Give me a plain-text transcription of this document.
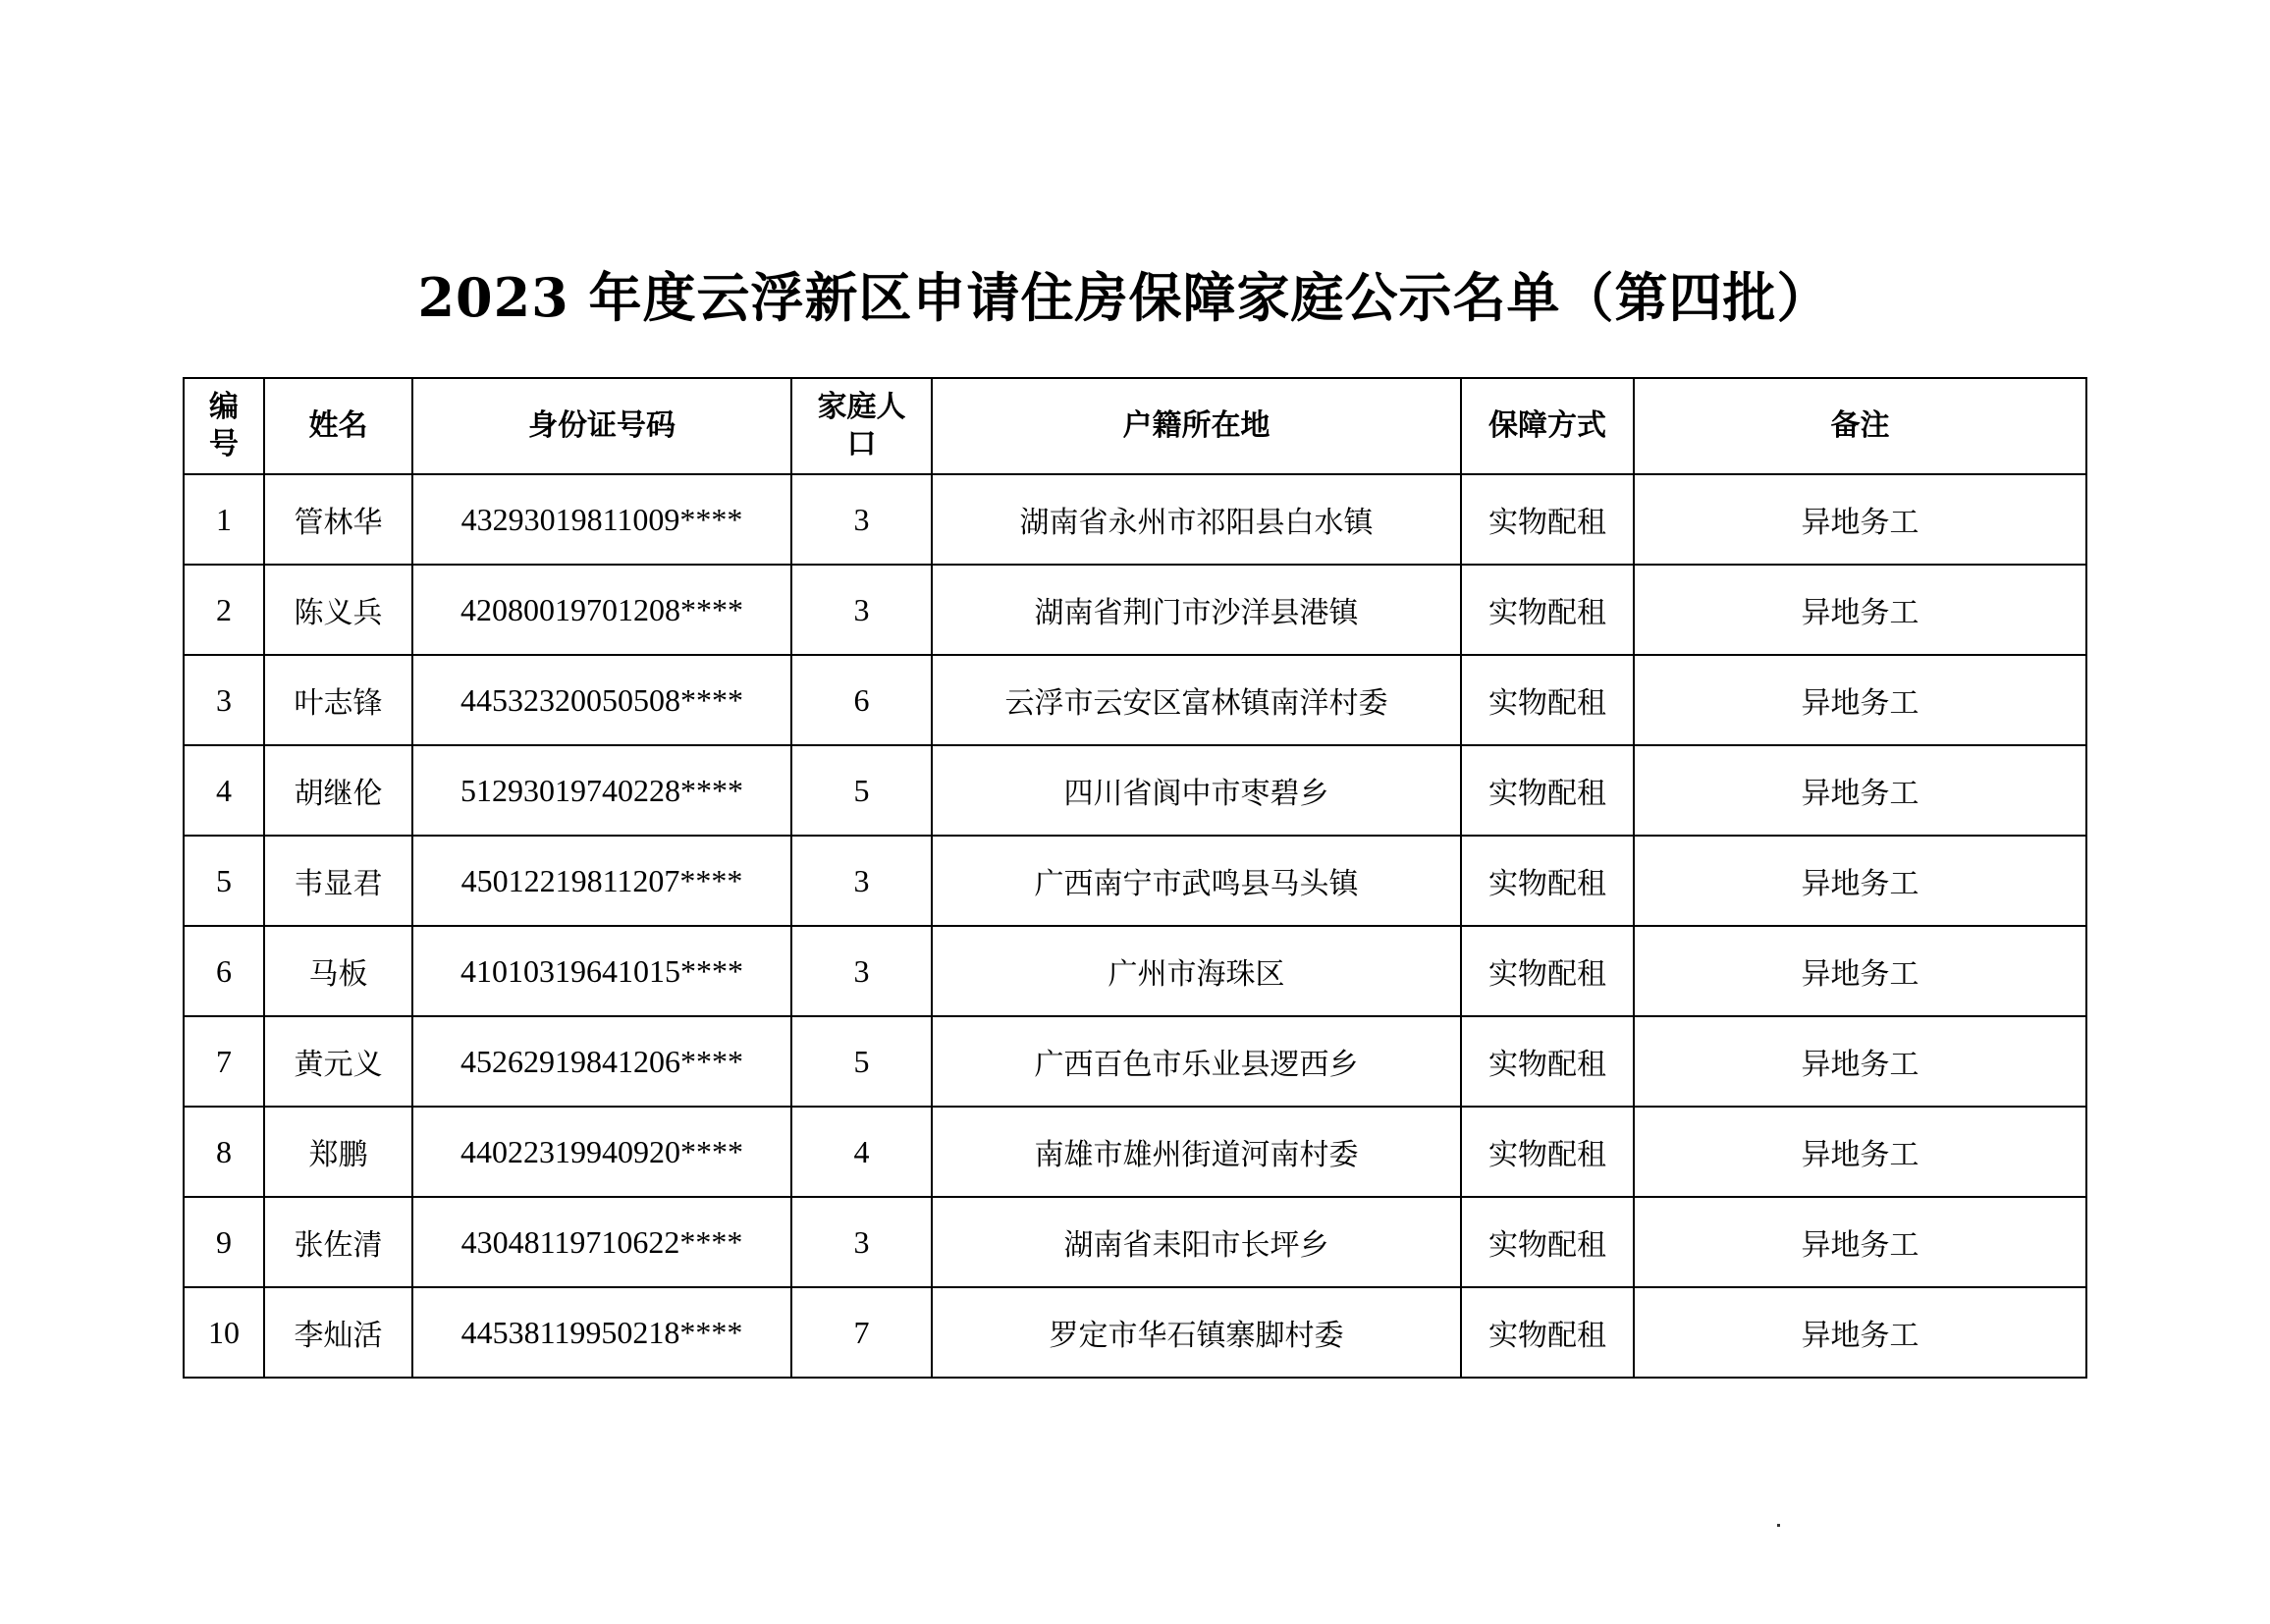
2023 年度云浮新区申请住房保障家庭公示名单（第四批）
编号	姓名	身份证号码	家庭人口	户籍所在地	保障方式	备注
1	管林华	43293019811009****	3	湖南省永州市祁阳县白水镇	实物配租	异地务工
2	陈义兵	42080019701208****	3	湖南省荆门市沙洋县港镇	实物配租	异地务工
3	叶志锋	44532320050508****	6	云浮市云安区富林镇南洋村委	实物配租	异地务工
4	胡继伦	51293019740228****	5	四川省阆中市枣碧乡	实物配租	异地务工
5	韦显君	45012219811207****	3	广西南宁市武鸣县马头镇	实物配租	异地务工
6	马板	41010319641015****	3	广州市海珠区	实物配租	异地务工
7	黄元义	45262919841206****	5	广西百色市乐业县逻西乡	实物配租	异地务工
8	郑鹏	44022319940920****	4	南雄市雄州街道河南村委	实物配租	异地务工
9	张佐清	43048119710622****	3	湖南省耒阳市长坪乡	实物配租	异地务工
10	李灿活	44538119950218****	7	罗定市华石镇寨脚村委	实物配租	异地务工
